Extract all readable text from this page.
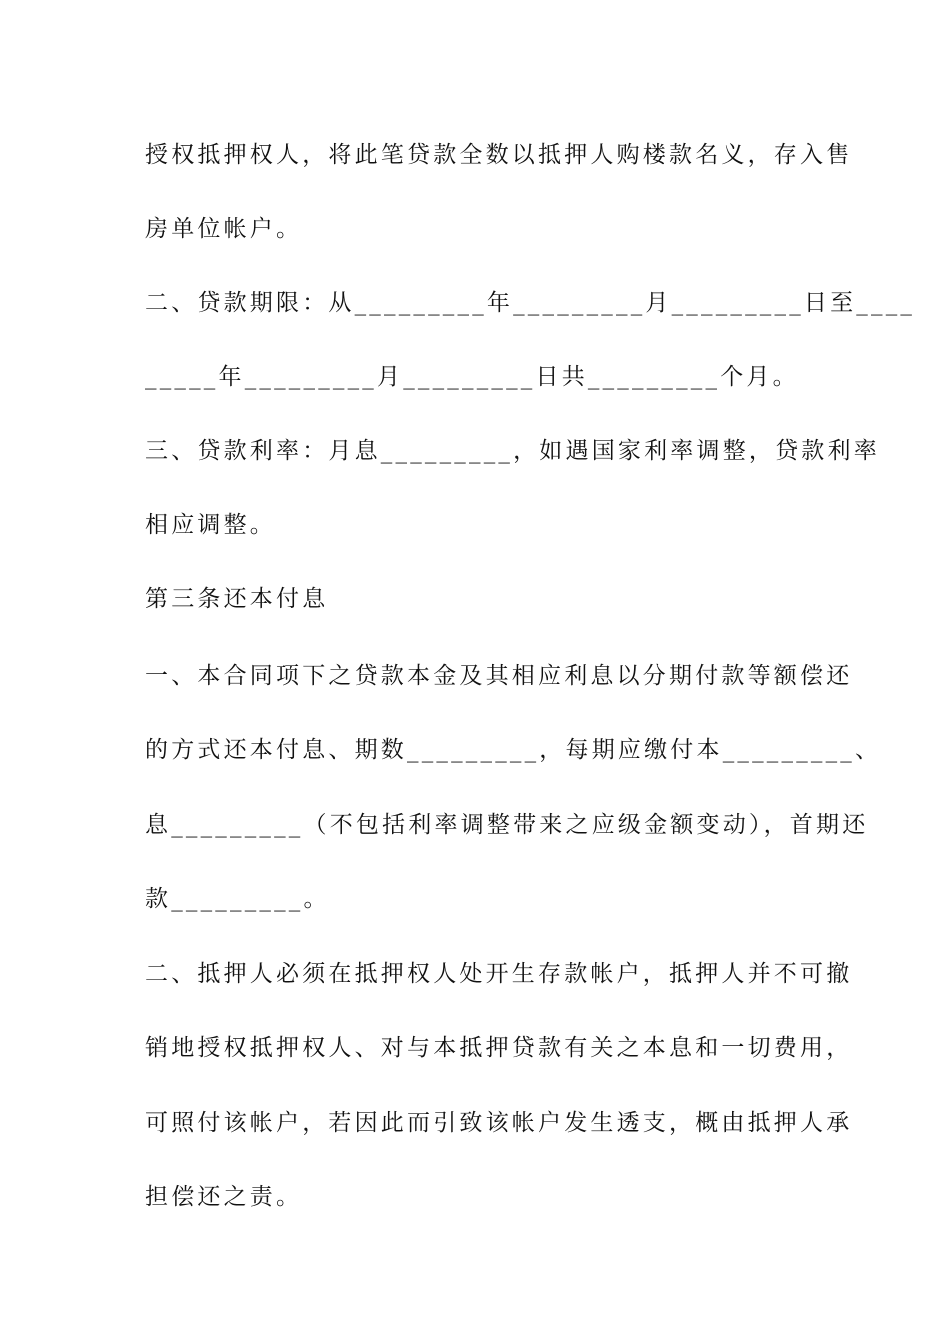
授权抵押权人，将此笔贷款全数以抵押人购楼款名义，存入售
房单位帐户。
二、贷款期限：从_________年_________月_________日至____
_____年_________月_________日共_________个月。
三、贷款利率：月息_________，如遇国家利率调整，贷款利率
相应调整。
第三条还本付息
一、本合同项下之贷款本金及其相应利息以分期付款等额偿还
的方式还本付息、期数_________，每期应缴付本_________、
息_________（不包括利率调整带来之应级金额变动），首期还
款_________。
二、抵押人必须在抵押权人处开生存款帐户，抵押人并不可撤
销地授权抵押权人、对与本抵押贷款有关之本息和一切费用，
可照付该帐户，若因此而引致该帐户发生透支，概由抵押人承
担偿还之责。
